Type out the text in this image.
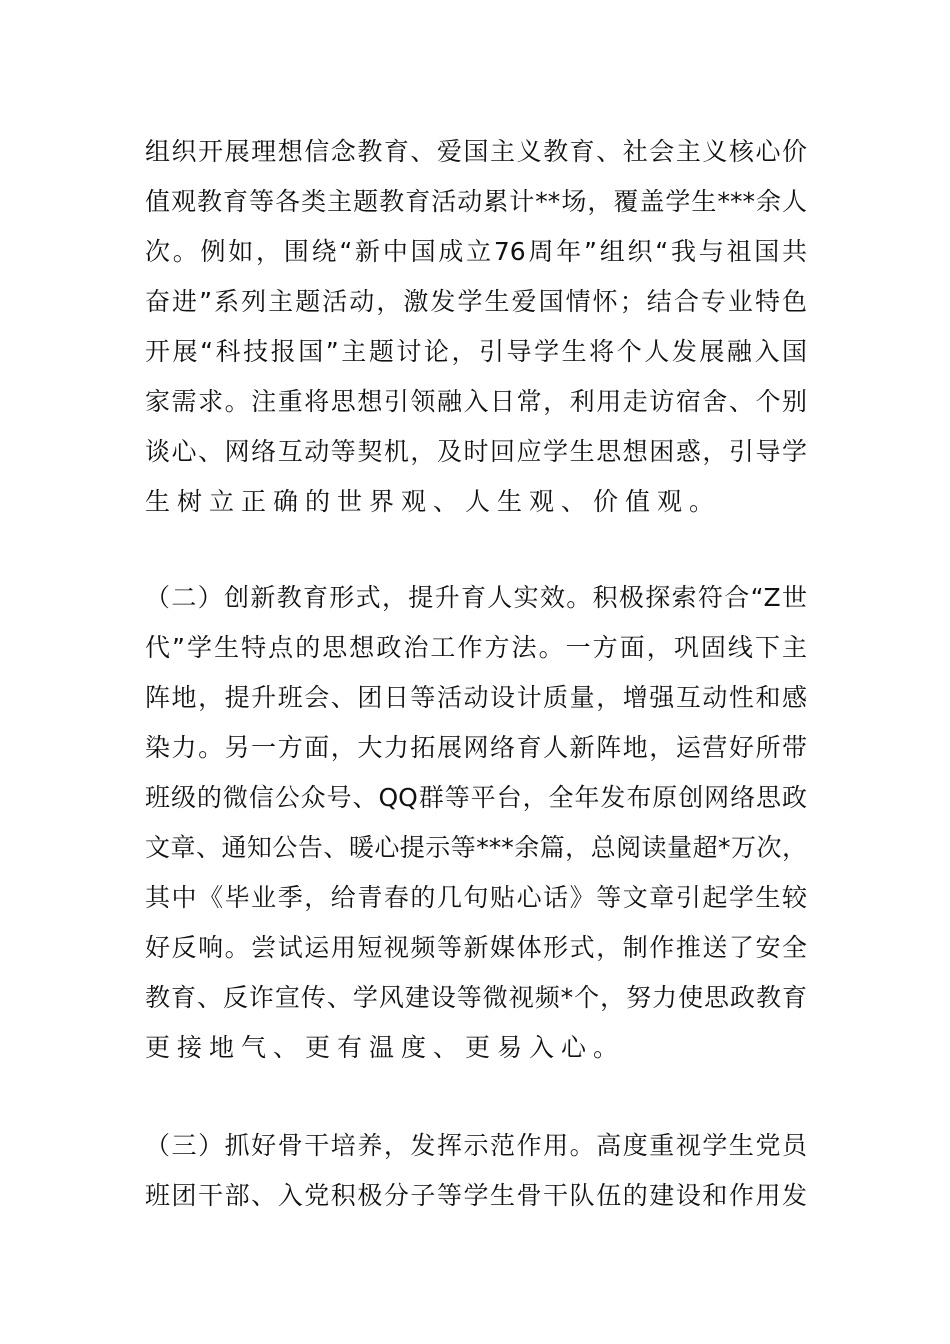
组织开展理想信念教育、爱国主义教育、社会主义核心价
值观教育等各类主题教育活动累计**场，覆盖学生***余人
次。例如，围绕“新中国成立76周年”组织“我与祖国共
奋进”系列主题活动，激发学生爱国情怀；结合专业特色
开展“科技报国”主题讨论，引导学生将个人发展融入国
家需求。注重将思想引领融入日常，利用走访宿舍、个别
谈心、网络互动等契机，及时回应学生思想困惑，引导学
生树立正确的世界观、人生观、价值观。
（二）创新教育形式，提升育人实效。积极探索符合“Z世
代”学生特点的思想政治工作方法。一方面，巩固线下主
阵地，提升班会、团日等活动设计质量，增强互动性和感
染力。另一方面，大力拓展网络育人新阵地，运营好所带
班级的微信公众号、QQ群等平台，全年发布原创网络思政
文章、通知公告、暖心提示等***余篇，总阅读量超*万次，
其中《毕业季，给青春的几句贴心话》等文章引起学生较
好反响。尝试运用短视频等新媒体形式，制作推送了安全
教育、反诈宣传、学风建设等微视频*个，努力使思政教育
更接地气、更有温度、更易入心。
（三）抓好骨干培养，发挥示范作用。高度重视学生党员
班团干部、入党积极分子等学生骨干队伍的建设和作用发
